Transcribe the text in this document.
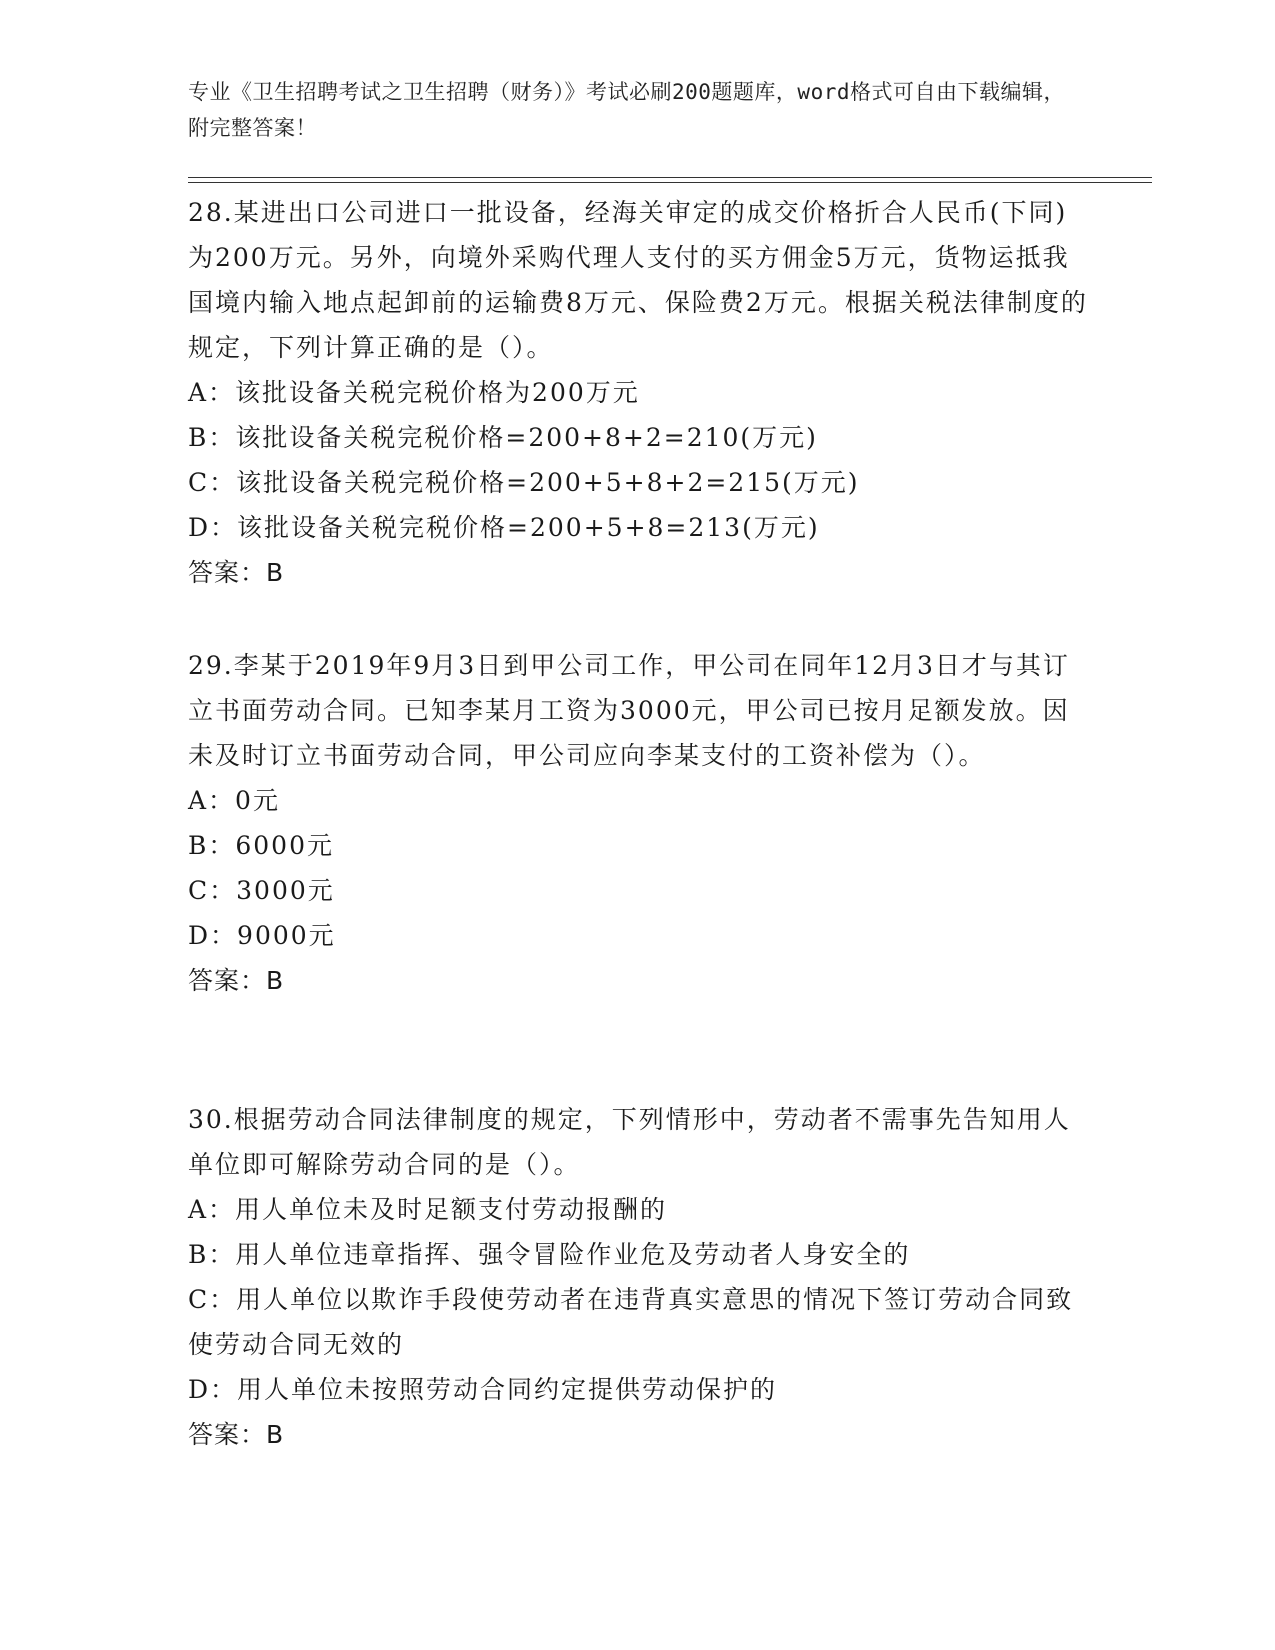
专业《卫生招聘考试之卫生招聘（财务）》考试必刷200题题库，word格式可自由下载编辑，附完整答案！

28.某进出口公司进口一批设备，经海关审定的成交价格折合人民币(下同)为200万元。另外，向境外采购代理人支付的买方佣金5万元，货物运抵我国境内输入地点起卸前的运输费8万元、保险费2万元。根据关税法律制度的规定，下列计算正确的是（）。

A：该批设备关税完税价格为200万元

B：该批设备关税完税价格=200+8+2=210(万元)

C：该批设备关税完税价格=200+5+8+2=215(万元)

D：该批设备关税完税价格=200+5+8=213(万元)

答案：B

29.李某于2019年9月3日到甲公司工作，甲公司在同年12月3日才与其订立书面劳动合同。已知李某月工资为3000元，甲公司已按月足额发放。因未及时订立书面劳动合同，甲公司应向李某支付的工资补偿为（）。

A：0元

B：6000元

C：3000元

D：9000元

答案：B

30.根据劳动合同法律制度的规定，下列情形中，劳动者不需事先告知用人单位即可解除劳动合同的是（）。

A：用人单位未及时足额支付劳动报酬的

B：用人单位违章指挥、强令冒险作业危及劳动者人身安全的

C：用人单位以欺诈手段使劳动者在违背真实意思的情况下签订劳动合同致使劳动合同无效的

D：用人单位未按照劳动合同约定提供劳动保护的

答案：B
